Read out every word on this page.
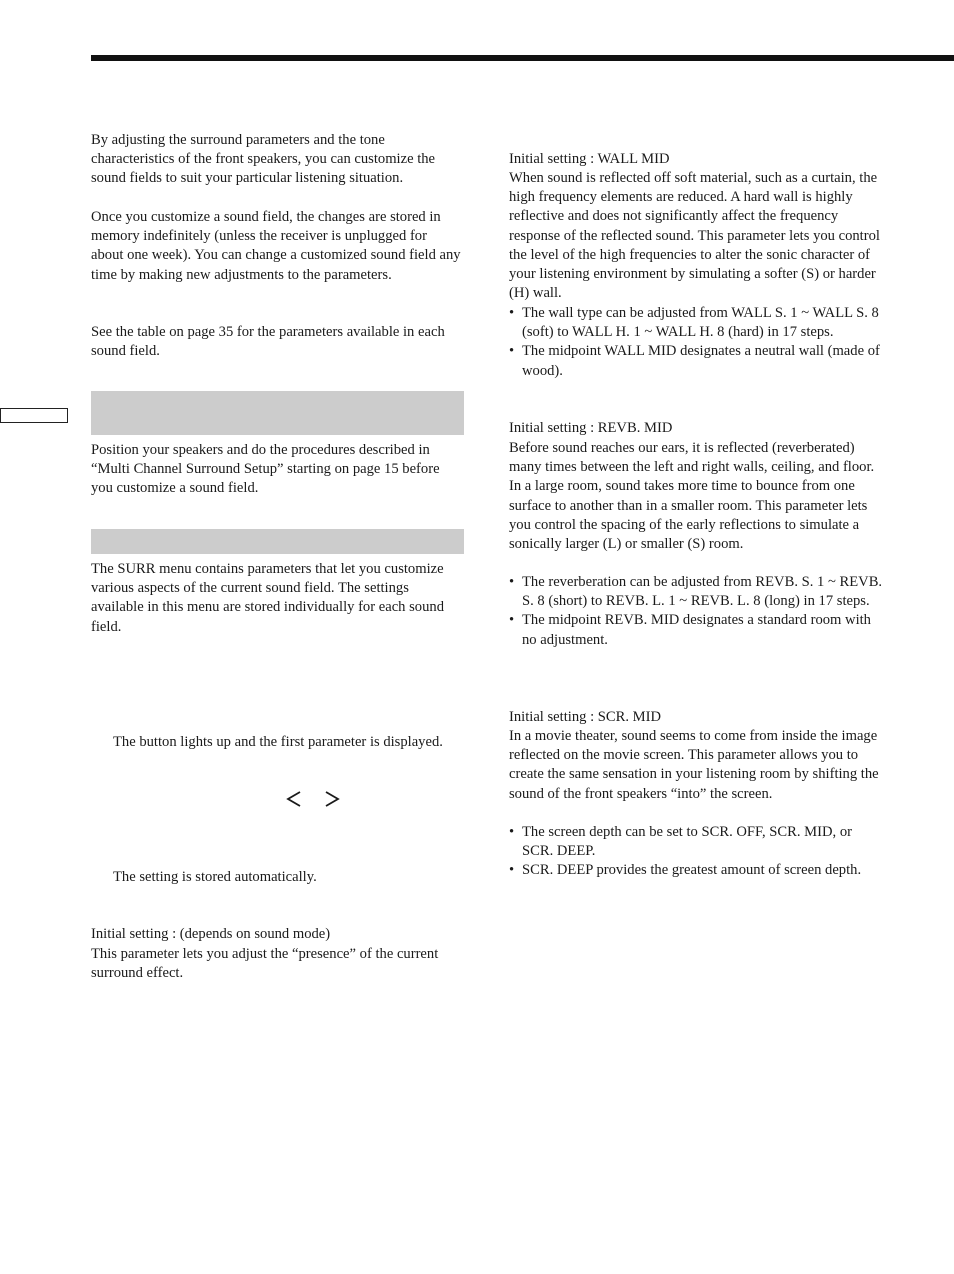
By adjusting the surround parameters and the tone characteristics of the front speakers, you can customize the sound fields to suit your particular listening situation.

Once you customize a sound field, the changes are stored in memory indefinitely (unless the receiver is unplugged for about one week). You can change a customized sound field any time by making new adjustments to the parameters.

See the table on page 35 for the parameters available in each sound field.

Position your speakers and do the procedures described in “Multi Channel Surround Setup” starting on page 15 before you customize a sound field.

The SURR menu contains parameters that let you customize various aspects of the current sound field. The settings available in this menu are stored individually for each sound field.

The button lights up and the first parameter is displayed.

The setting is stored automatically.

Initial setting : (depends on sound mode)

This parameter lets you adjust the “presence” of the current surround effect.

Initial setting : WALL MID

When sound is reflected off soft material, such as a curtain, the high frequency elements are reduced. A hard wall is highly reflective and does not significantly affect the frequency response of the reflected sound. This parameter lets you control the level of the high frequencies to alter the sonic character of your listening environment by simulating a softer (S) or harder (H) wall.

• The wall type can be adjusted from WALL S. 1 ~ WALL S. 8 (soft) to WALL H. 1 ~ WALL H. 8 (hard) in 17 steps.
• The midpoint WALL MID designates a neutral wall (made of wood).

Initial setting : REVB. MID

Before sound reaches our ears, it is reflected (reverberated) many times between the left and right walls, ceiling, and floor. In a large room, sound takes more time to bounce from one surface to another than in a smaller room. This parameter lets you control the spacing of the early reflections to simulate a sonically larger (L) or smaller (S) room.

• The reverberation can be adjusted from REVB. S. 1 ~ REVB. S. 8 (short) to REVB. L. 1 ~ REVB. L. 8 (long) in 17 steps.
• The midpoint REVB. MID designates a standard room with no adjustment.

Initial setting : SCR. MID

In a movie theater, sound seems to come from inside the image reflected on the movie screen. This parameter allows you to create the same sensation in your listening room by shifting the sound of the front speakers “into” the screen.

• The screen depth can be set to SCR. OFF, SCR. MID, or SCR. DEEP.
• SCR. DEEP provides the greatest amount of screen depth.
